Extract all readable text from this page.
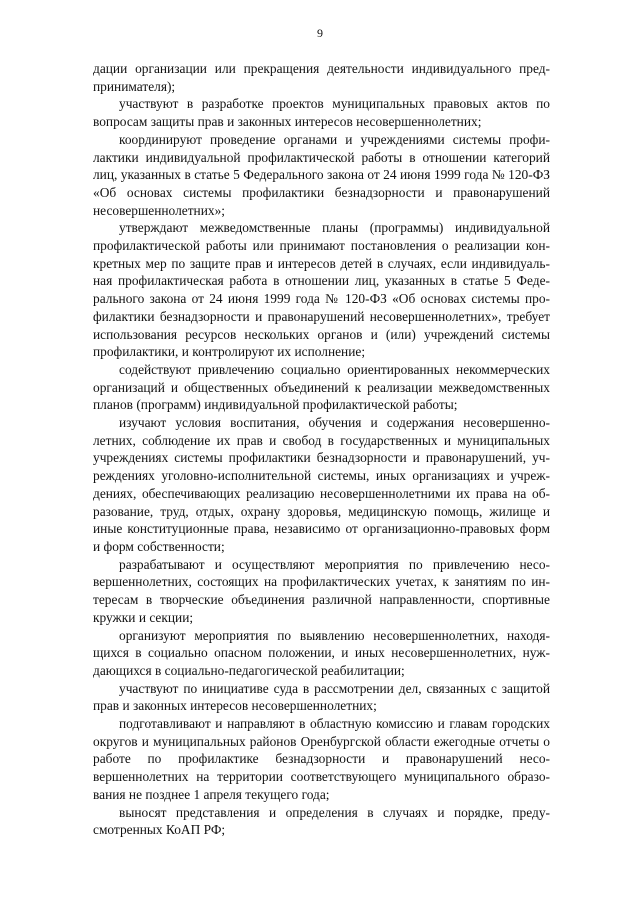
9

дации организации или прекращения деятельности индивидуального предпринимателя);

участвуют в разработке проектов муниципальных правовых актов по вопросам защиты прав и законных интересов несовершеннолетних;

координируют проведение органами и учреждениями системы профилактики индивидуальной профилактической работы в отношении категорий лиц, указанных в статье 5 Федерального закона от 24 июня 1999 года № 120-ФЗ «Об основах системы профилактики безнадзорности и правонарушений несовершеннолетних»;

утверждают межведомственные планы (программы) индивидуальной профилактической работы или принимают постановления о реализации конкретных мер по защите прав и интересов детей в случаях, если индивидуальная профилактическая работа в отношении лиц, указанных в статье 5 Федерального закона от 24 июня 1999 года № 120-ФЗ «Об основах системы профилактики безнадзорности и правонарушений несовершеннолетних», требует использования ресурсов нескольких органов и (или) учреждений системы профилактики, и контролируют их исполнение;

содействуют привлечению социально ориентированных некоммерческих организаций и общественных объединений к реализации межведомственных планов (программ) индивидуальной профилактической работы;

изучают условия воспитания, обучения и содержания несовершеннолетних, соблюдение их прав и свобод в государственных и муниципальных учреждениях системы профилактики безнадзорности и правонарушений, учреждениях уголовно-исполнительной системы, иных организациях и учреждениях, обеспечивающих реализацию несовершеннолетними их права на образование, труд, отдых, охрану здоровья, медицинскую помощь, жилище и иные конституционные права, независимо от организационно-правовых форм и форм собственности;

разрабатывают и осуществляют мероприятия по привлечению несовершеннолетних, состоящих на профилактических учетах, к занятиям по интересам в творческие объединения различной направленности, спортивные кружки и секции;

организуют мероприятия по выявлению несовершеннолетних, находящихся в социально опасном положении, и иных несовершеннолетних, нуждающихся в социально-педагогической реабилитации;

участвуют по инициативе суда в рассмотрении дел, связанных с защитой прав и законных интересов несовершеннолетних;

подготавливают и направляют в областную комиссию и главам городских округов и муниципальных районов Оренбургской области ежегодные отчеты о работе по профилактике безнадзорности и правонарушений несовершеннолетних на территории соответствующего муниципального образования не позднее 1 апреля текущего года;

выносят представления и определения в случаях и порядке, предусмотренных КоАП РФ;
